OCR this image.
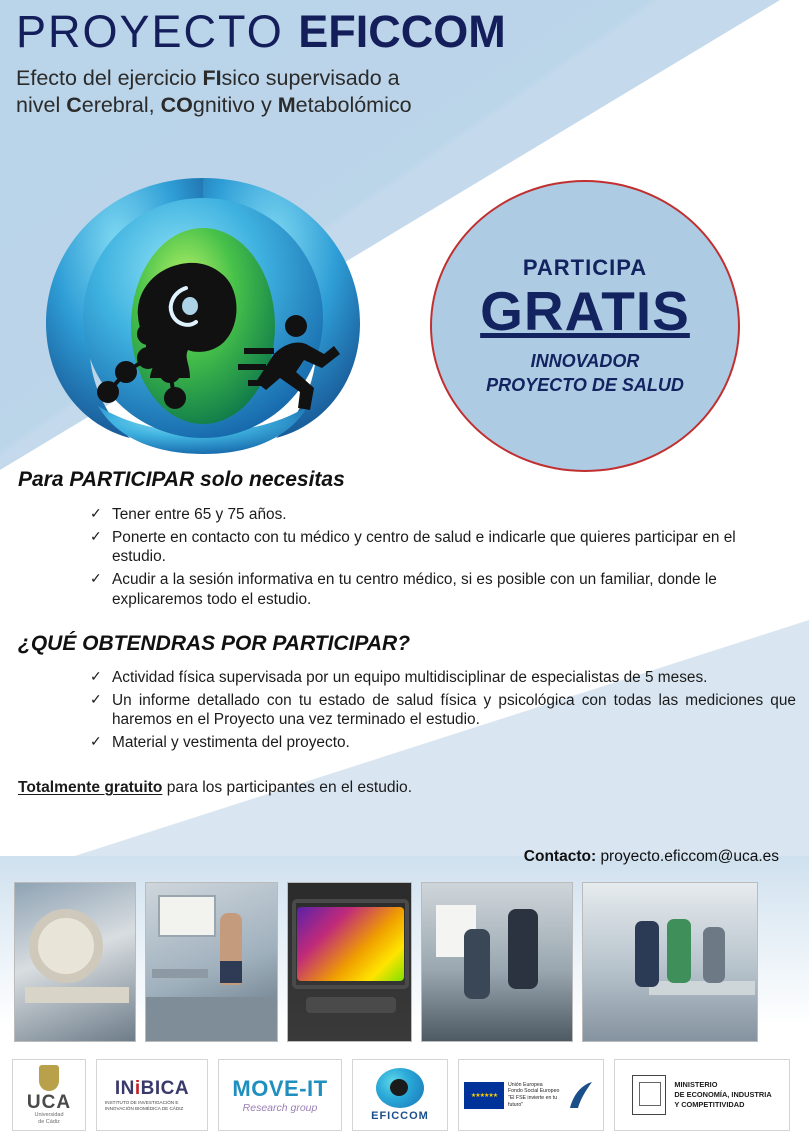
PROYECTO EFICCOM
Efecto del ejercicio FIsico supervisado a
nivel Cerebral, COgnitivo y Metabolómico
PARTICIPA
GRATIS
INNOVADOR
PROYECTO DE SALUD
Para PARTICIPAR solo necesitas
✓ Tener entre 65 y 75 años.
✓ Ponerte en contacto con tu médico y centro de salud e indicarle que quieres participar en el estudio.
✓ Acudir a la sesión informativa en tu centro médico, si es posible con un familiar, donde le explicaremos todo el estudio.
¿QUÉ OBTENDRAS POR PARTICIPAR?
✓ Actividad física supervisada por un equipo multidisciplinar de especialistas de 5 meses.
✓ Un informe detallado con tu estado de salud física y psicológica con todas las mediciones que haremos en el Proyecto una vez terminado el estudio.
✓ Material y vestimenta del proyecto.
Totalmente gratuito para los participantes en el estudio.
Contacto: proyecto.eficcom@uca.es
UCA
Universidad
de Cádiz
INiBICA
INSTITUTO DE INVESTIGACIÓN E INNOVACIÓN BIOMÉDICA DE CÁDIZ
MOVE-IT
Research group
EFICCOM
★★★★★★
Unión Europea
Fondo Social Europeo "El FSE invierte en tu futuro"
MINISTERIO
DE ECONOMÍA, INDUSTRIA
Y COMPETITIVIDAD
